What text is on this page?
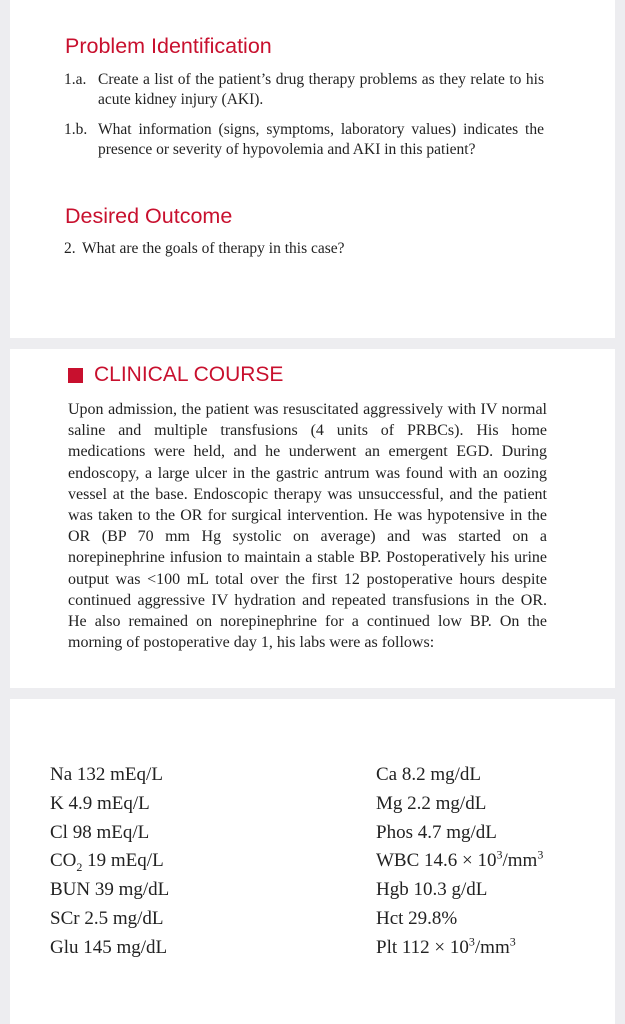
Problem Identification
1.a. Create a list of the patient’s drug therapy problems as they relate to his acute kidney injury (AKI).
1.b. What information (signs, symptoms, laboratory values) indicates the presence or severity of hypovolemia and AKI in this patient?
Desired Outcome
2. What are the goals of therapy in this case?
CLINICAL COURSE

Upon admission, the patient was resuscitated aggressively with IV normal saline and multiple transfusions (4 units of PRBCs). His home medications were held, and he underwent an emergent EGD. During endoscopy, a large ulcer in the gastric antrum was found with an oozing vessel at the base. Endoscopic therapy was unsuccessful, and the patient was taken to the OR for surgical intervention. He was hypotensive in the OR (BP 70 mm Hg systolic on average) and was started on a norepinephrine infusion to maintain a stable BP. Postoperatively his urine output was <100 mL total over the first 12 postoperative hours despite continued aggressive IV hydration and repeated transfusions in the OR. He also remained on norepinephrine for a continued low BP. On the morning of postoperative day 1, his labs were as follows:

Na 132 mEq/L
K 4.9 mEq/L
Cl 98 mEq/L
$CO_2$ 19 mEq/L
BUN 39 mg/dL
SCr 2.5 mg/dL
Glu 145 mg/dL
Ca 8.2 mg/dL
Mg 2.2 mg/dL
Phos 4.7 mg/dL
WBC $14.6 \times 10^3/mm^3$
Hgb 10.3 g/dL
Hct 29.8%
Plt $112 \times 10^3/mm^3$
